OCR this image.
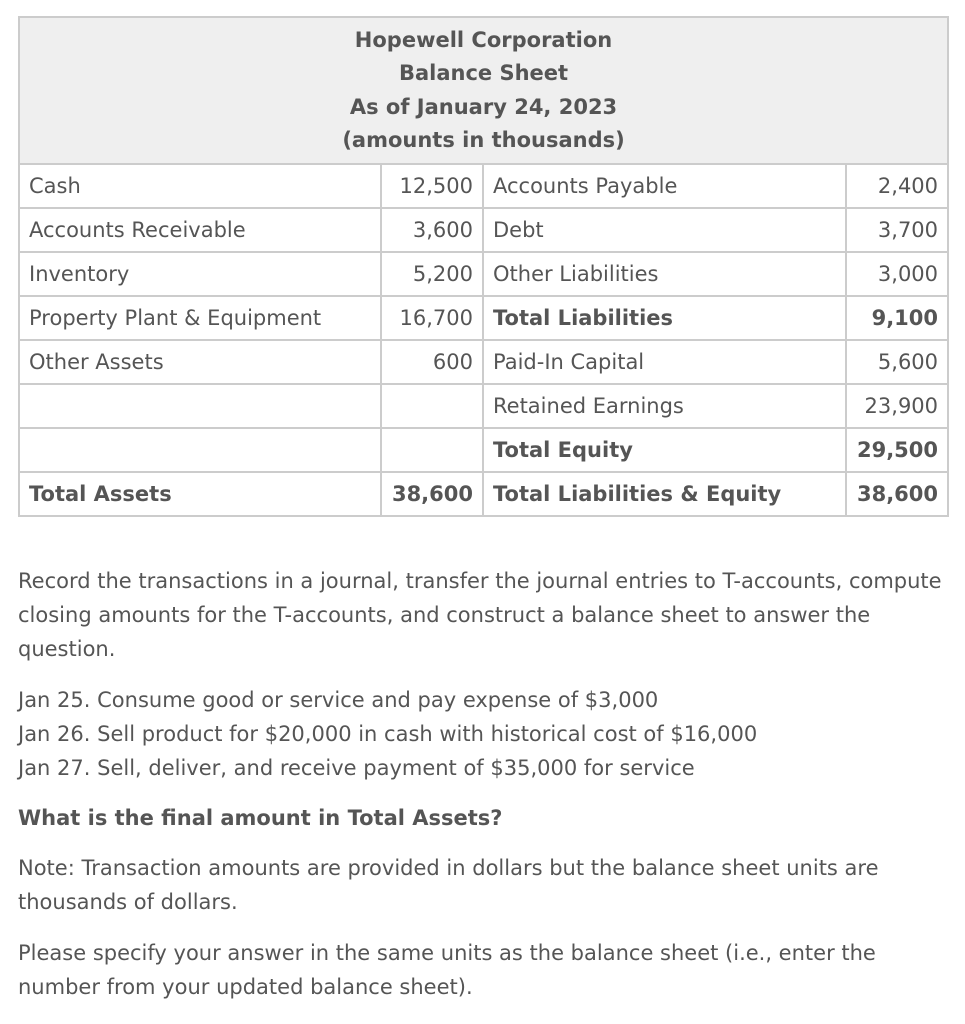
Hopewell Corporation
Balance Sheet
As of January 24, 2023
(amounts in thousands)			

Cash	12,500	Accounts Payable	2,400
Accounts Receivable	3,600	Debt	3,700
Inventory	5,200	Other Liabilities	3,000
Property Plant & Equipment	16,700	Total Liabilities	9,100
Other Assets	600	Paid-In Capital	5,600
		Retained Earnings	23,900
		Total Equity	29,500
Total Assets	38,600	Total Liabilities & Equity	38,600
Record the transactions in a journal, transfer the journal entries to T-accounts, compute closing amounts for the T-accounts, and construct a balance sheet to answer the question.
Jan 25. Consume good or service and pay expense of $3,000
Jan 26. Sell product for $20,000 in cash with historical cost of $16,000
Jan 27. Sell, deliver, and receive payment of $35,000 for service
What is the final amount in Total Assets?
Note: Transaction amounts are provided in dollars but the balance sheet units are thousands of dollars.
Please specify your answer in the same units as the balance sheet (i.e., enter the number from your updated balance sheet).
